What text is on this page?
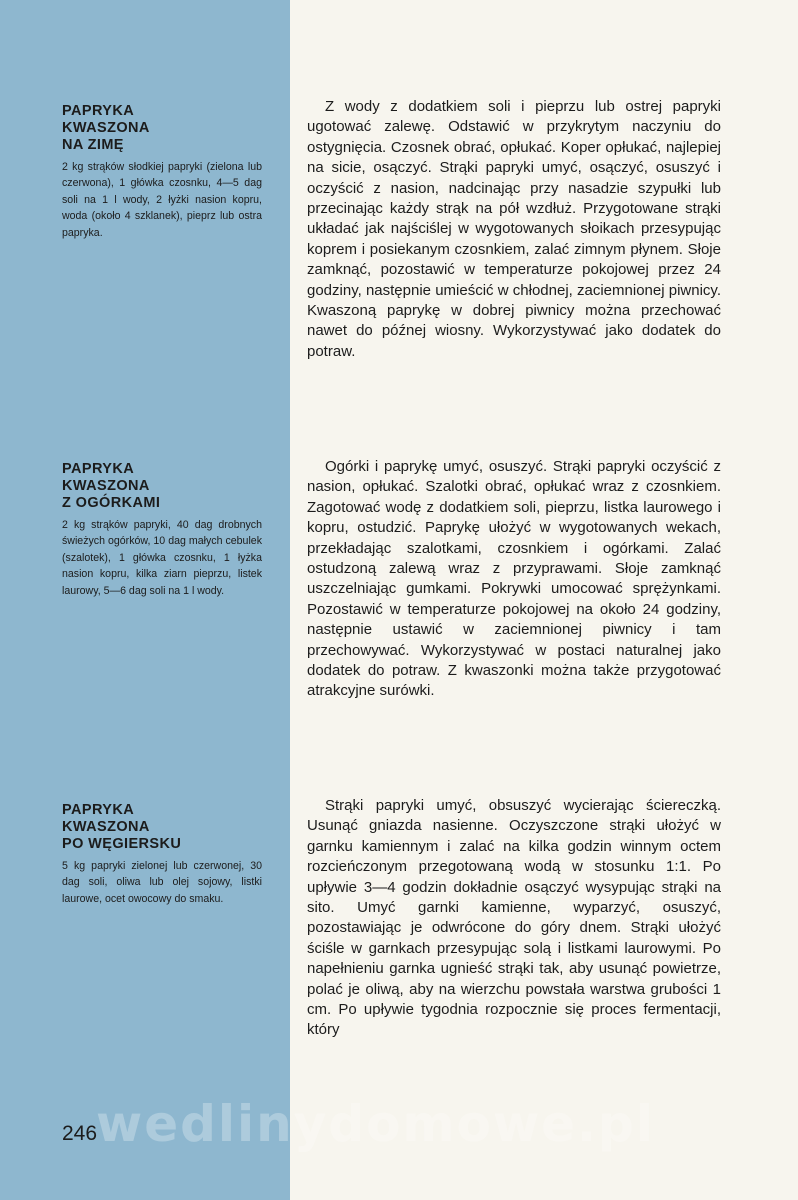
PAPRYKA
KWASZONA
NA ZIMĘ

2 kg strąków słodkiej papryki (zielona lub czerwona), 1 główka czosnku, 4—5 dag soli na 1 l wody, 2 łyżki nasion kopru, woda (około 4 szklanek), pieprz lub ostra papryka.

Z wody z dodatkiem soli i pieprzu lub ostrej papryki ugotować zalewę. Odstawić w przykrytym naczyniu do ostygnięcia. Czosnek obrać, opłukać. Koper opłukać, najlepiej na sicie, osączyć. Strąki papryki umyć, osączyć, osuszyć i oczyścić z nasion, nadcinając przy nasadzie szypułki lub przecinając każdy strąk na pół wzdłuż. Przygotowane strąki układać jak najściślej w wygotowanych słoikach przesypując koprem i posiekanym czosnkiem, zalać zimnym płynem. Słoje zamknąć, pozostawić w temperaturze pokojowej przez 24 godziny, następnie umieścić w chłodnej, zaciemnionej piwnicy. Kwaszoną paprykę w dobrej piwnicy można przechować nawet do późnej wiosny. Wykorzystywać jako dodatek do potraw.

PAPRYKA
KWASZONA
Z OGÓRKAMI

2 kg strąków papryki, 40 dag drobnych świeżych ogórków, 10 dag małych cebulek (szalotek), 1 główka czosnku, 1 łyżka nasion kopru, kilka ziarn pieprzu, listek laurowy, 5—6 dag soli na 1 l wody.

Ogórki i paprykę umyć, osuszyć. Strąki papryki oczyścić z nasion, opłukać. Szalotki obrać, opłukać wraz z czosnkiem. Zagotować wodę z dodatkiem soli, pieprzu, listka laurowego i kopru, ostudzić. Paprykę ułożyć w wygotowanych wekach, przekładając szalotkami, czosnkiem i ogórkami. Zalać ostudzoną zalewą wraz z przyprawami. Słoje zamknąć uszczelniając gumkami. Pokrywki umocować sprężynkami. Pozostawić w temperaturze pokojowej na około 24 godziny, następnie ustawić w zaciemnionej piwnicy i tam przechowywać. Wykorzystywać w postaci naturalnej jako dodatek do potraw. Z kwaszonki można także przygotować atrakcyjne surówki.

PAPRYKA
KWASZONA
PO WĘGIERSKU

5 kg papryki zielonej lub czerwonej, 30 dag soli, oliwa lub olej sojowy, listki laurowe, ocet owocowy do smaku.

Strąki papryki umyć, obsuszyć wycierając ściereczką. Usunąć gniazda nasienne. Oczyszczone strąki ułożyć w garnku kamiennym i zalać na kilka godzin winnym octem rozcieńczonym przegotowaną wodą w stosunku 1:1. Po upływie 3—4 godzin dokładnie osączyć wysypując strąki na sito. Umyć garnki kamienne, wyparzyć, osuszyć, pozostawiając je odwrócone do góry dnem. Strąki ułożyć ściśle w garnkach przesypując solą i listkami laurowymi. Po napełnieniu garnka ugnieść strąki tak, aby usunąć powietrze, polać je oliwą, aby na wierzchu powstała warstwa grubości 1 cm. Po upływie tygodnia rozpocznie się proces fermentacji, który

246
wedlinydomowe.pl
